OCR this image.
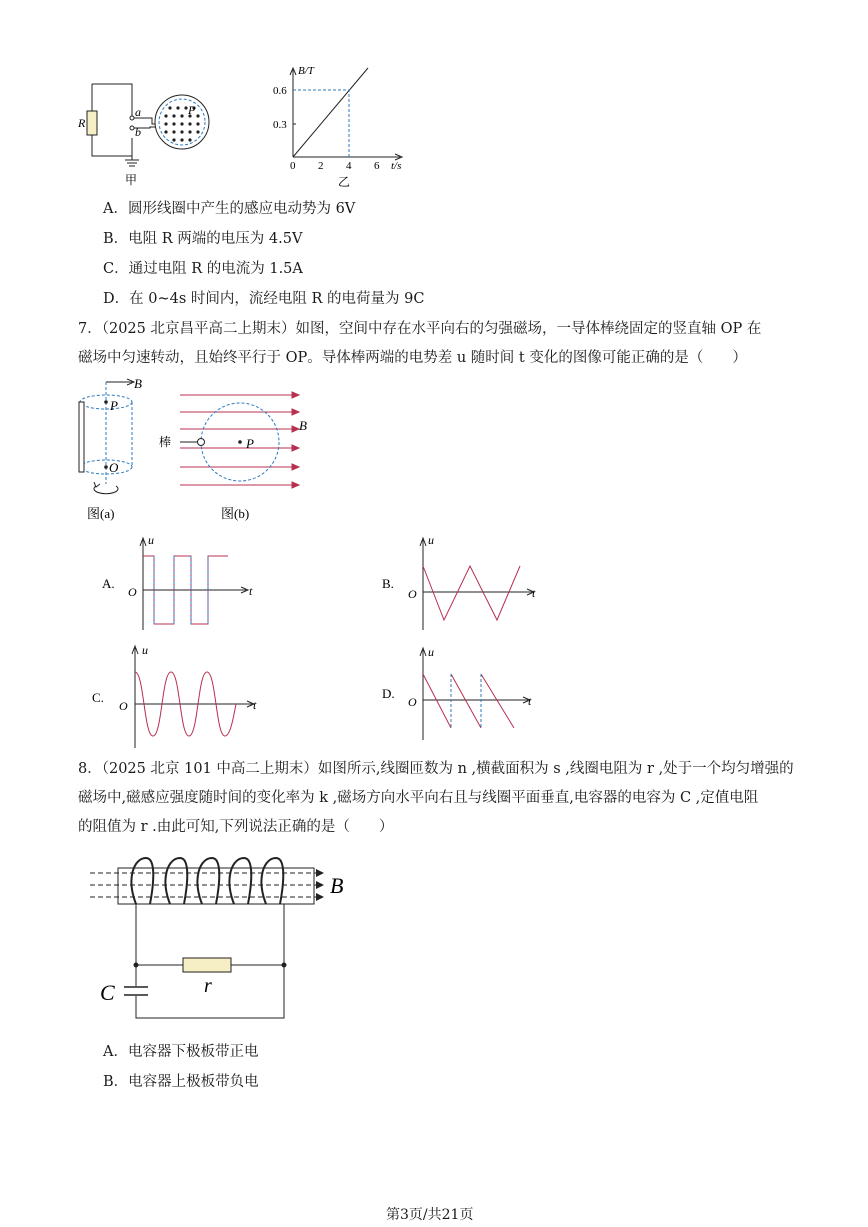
R
a
b
P
甲
B/T
0.6
0.3
0 2 4 6 t/s
乙
A．圆形线圈中产生的感应电动势为 6V
B．电阻 R 两端的电压为 4.5V
C．通过电阻 R 的电流为 1.5A
D．在 0~4s 时间内，流经电阻 R 的电荷量为 9C
7．（2025 北京昌平高二上期末）如图，空间中存在水平向右的匀强磁场，一导体棒绕固定的竖直轴 OP 在
磁场中匀速转动，且始终平行于 OP。导体棒两端的电势差 u 随时间 t 变化的图像可能正确的是（　　）
B
P
O
图(a)
棒	P
B
图(b)
u
t
O
A.
u
t
O
B.
u
t
O
C.
u
t
O
D.
8．（2025 北京 101 中高二上期末）如图所示,线圈匝数为 n ,横截面积为 s ,线圈电阻为 r ,处于一个均匀增强的
磁场中,磁感应强度随时间的变化率为 k ,磁场方向水平向右且与线圈平面垂直,电容器的电容为 C ,定值电阻
的阻值为 r .由此可知,下列说法正确的是（　　）
B
C	r
A．电容器下极板带正电
B．电容器上极板带负电
第3页/共21页
